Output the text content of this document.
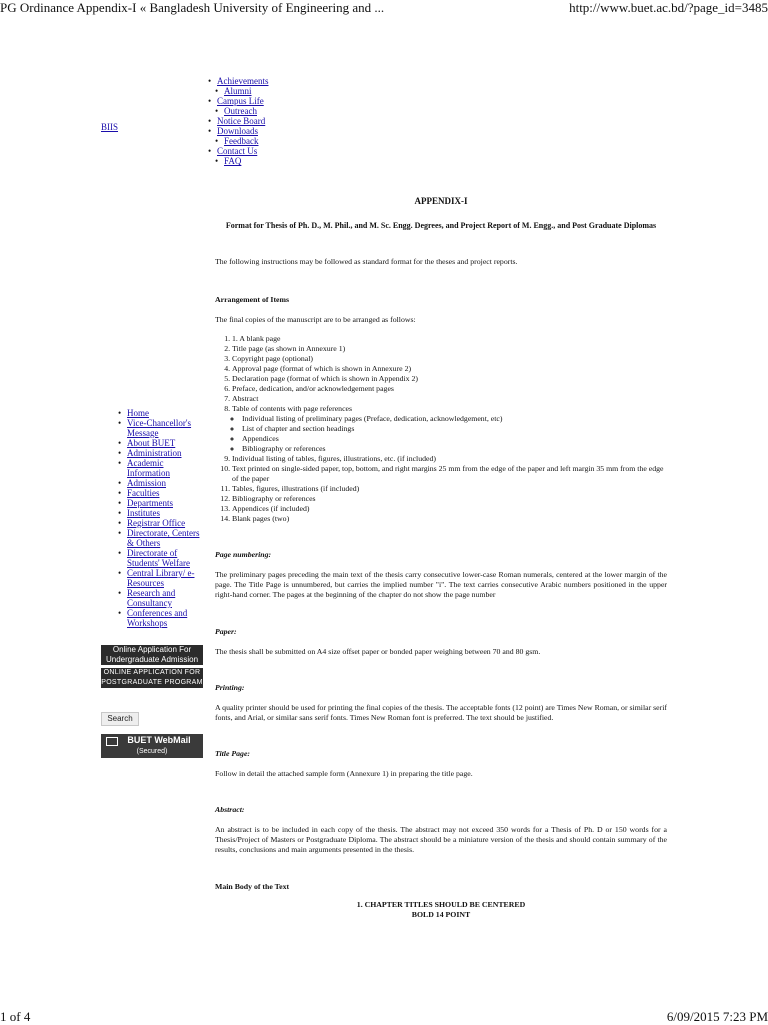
PG Ordinance Appendix-I « Bangladesh University of Engineering and ...	http://www.buet.ac.bd/?page_id=3485
BIIS
• Achievements
• Alumni
• Campus Life
• Outreach
• Notice Board
• Downloads
• Feedback
• Contact Us
• FAQ
• Home
• Vice-Chancellor's Message
• About BUET
• Administration
• Academic Information
• Admission
• Faculties
• Departments
• Institutes
• Registrar Office
• Directorate, Centers & Others
• Directorate of Students' Welfare
• Central Library/ e-Resources
• Research and Consultancy
• Conferences and Workshops
Online Application For
Undergraduate Admission
ONLINE APPLICATION FOR
POSTGRADUATE PROGRAM
Search
BUET WebMail
(Secured)

APPENDIX-I

Format for Thesis of Ph. D., M. Phil., and M. Sc. Engg. Degrees, and Project Report of M. Engg., and Post Graduate Diplomas

The following instructions may be followed as standard format for the theses and project reports.

Arrangement of Items

The final copies of the manuscript are to be arranged as follows:

1. 1. A blank page
2. Title page (as shown in Annexure 1)
3. Copyright page (optional)
4. Approval page (format of which is shown in Annexure 2)
5. Declaration page (format of which is shown in Appendix 2)
6. Preface, dedication, and/or acknowledgement pages
7. Abstract
8. Table of contents with page references
◦ Individual listing of preliminary pages (Preface, dedication, acknowledgement, etc)
◦ List of chapter and section headings
◦ Appendices
◦ Bibliography or references
9. Individual listing of tables, figures, illustrations, etc. (if included)
10. Text printed on single-sided paper, top, bottom, and right margins 25 mm from the edge of the paper and left margin 35 mm from the edge of the paper
11. Tables, figures, illustrations (if included)
12. Bibliography or references
13. Appendices (if included)
14. Blank pages (two)

Page numbering:

The preliminary pages preceding the main text of the thesis carry consecutive lower-case Roman numerals, centered at the lower margin of the page. The Title Page is unnumbered, but carries the implied number "i". The text carries consecutive Arabic numbers positioned in the upper right-hand corner. The pages at the beginning of the chapter do not show the page number

Paper:

The thesis shall be submitted on A4 size offset paper or bonded paper weighing between 70 and 80 gsm.

Printing:

A quality printer should be used for printing the final copies of the thesis. The acceptable fonts (12 point) are Times New Roman, or similar serif fonts, and Arial, or similar sans serif fonts. Times New Roman font is preferred. The text should be justified.

Title Page:

Follow in detail the attached sample form (Annexure 1) in preparing the title page.

Abstract:

An abstract is to be included in each copy of the thesis. The abstract may not exceed 350 words for a Thesis of Ph. D or 150 words for a Thesis/Project of Masters or Postgraduate Diploma. The abstract should be a miniature version of the thesis and should contain summary of the results, conclusions and main arguments presented in the thesis.

Main Body of the Text

1. CHAPTER TITLES SHOULD BE CENTERED

BOLD 14 POINT

1 of 4	6/09/2015 7:23 PM
